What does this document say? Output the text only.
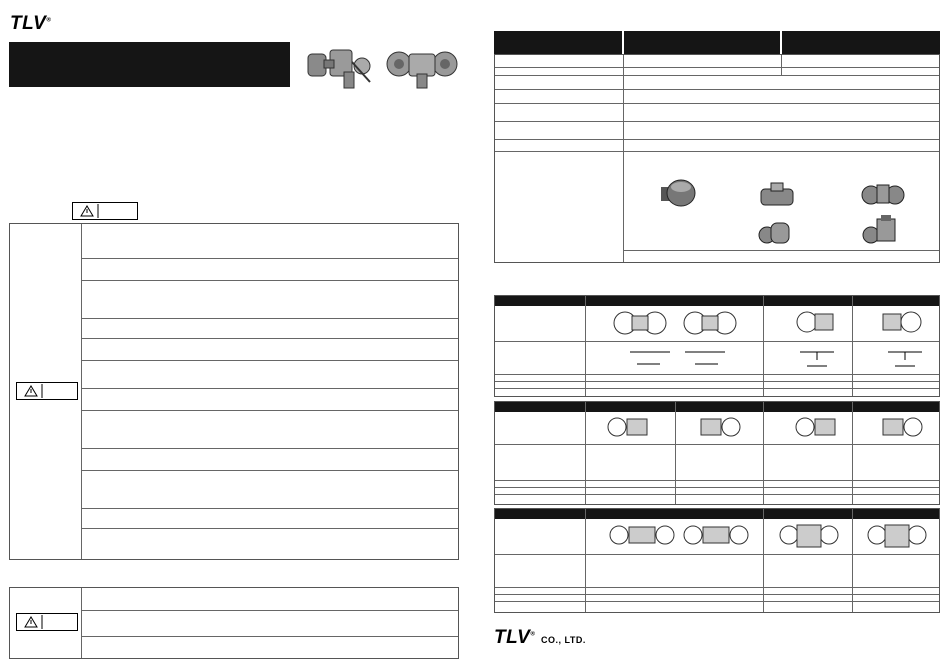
TLV®
TLV® CO., LTD.
